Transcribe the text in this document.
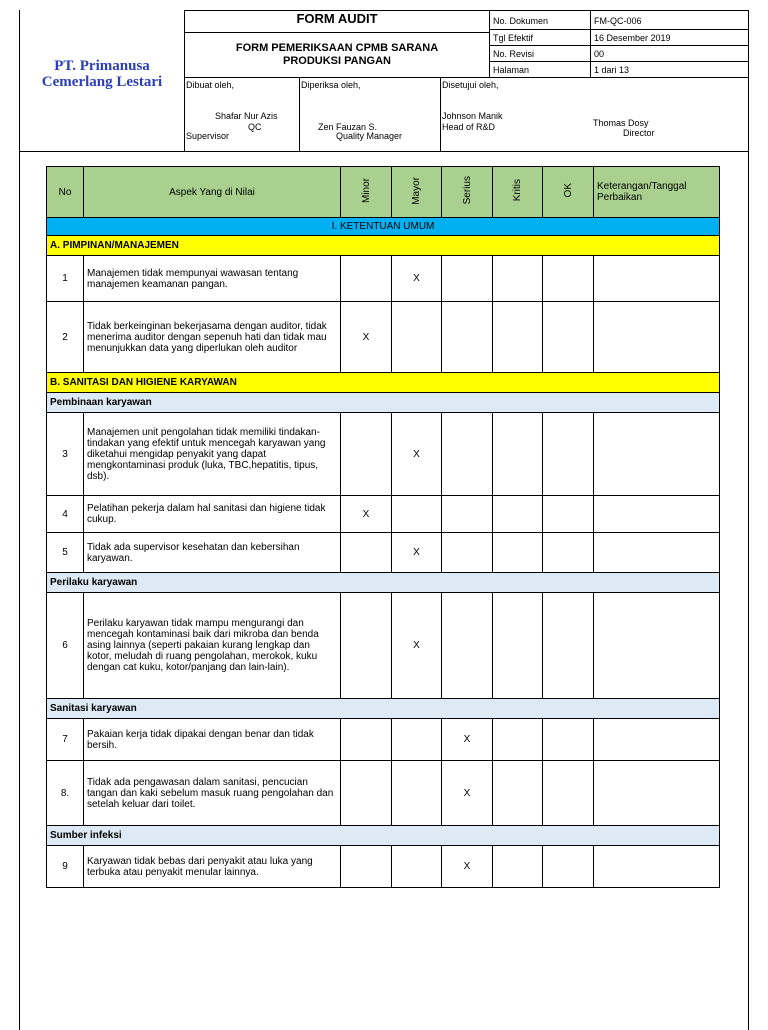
PT. Primanusa
Cemerlang Lestari
FORM AUDIT
FORM PEMERIKSAAN CPMB SARANA
PRODUKSI PANGAN
No. Dokumen	FM-QC-006
Tgl Efektif	16 Desember 2019
No. Revisi	00
Halaman	1 dari 13
Dibuat oleh,
Shafar Nur Azis
QC
Supervisor
Diperiksa oleh,
Zen Fauzan S.
Quality Manager
Disetujui oleh,
Johnson Manik
Head of R&D	Thomas Dosy
Director
No	Aspek Yang di Nilai	Minor	Mayor	Serius	Kritis	OK	Keterangan/Tanggal Perbaikan
I. KETENTUAN UMUM							
A. PIMPINAN/MANAJEMEN							
1	Manajemen tidak mempunyai wawasan tentang manajemen keamanan pangan.		X				
2	Tidak berkeinginan bekerjasama dengan auditor, tidak menerima auditor dengan sepenuh hati dan tidak mau menunjukkan data yang diperlukan oleh auditor	X					
B. SANITASI DAN HIGIENE KARYAWAN							
Pembinaan karyawan							
3	Manajemen unit pengolahan tidak memiliki tindakan-tindakan yang efektif untuk mencegah karyawan yang diketahui mengidap penyakit yang dapat mengkontaminasi produk (luka, TBC,hepatitis, tipus, dsb).		X				
4	Pelatihan pekerja dalam hal sanitasi dan higiene tidak cukup.	X					
5	Tidak ada supervisor kesehatan dan kebersihan karyawan.		X				
Perilaku karyawan							
6	Perilaku karyawan tidak mampu mengurangi dan mencegah kontaminasi baik dari mikroba dan benda asing lainnya (seperti pakaian kurang lengkap dan kotor, meludah di ruang pengolahan, merokok, kuku dengan cat kuku, kotor/panjang dan lain-lain).		X				
Sanitasi karyawan							
7	Pakaian kerja tidak dipakai dengan benar dan tidak bersih.			X			
8.	Tidak ada pengawasan dalam sanitasi, pencucian tangan dan kaki sebelum masuk ruang pengolahan dan setelah keluar dari toilet.			X			
Sumber infeksi							
9	Karyawan tidak bebas dari penyakit atau luka yang terbuka atau penyakit menular lainnya.			X			
